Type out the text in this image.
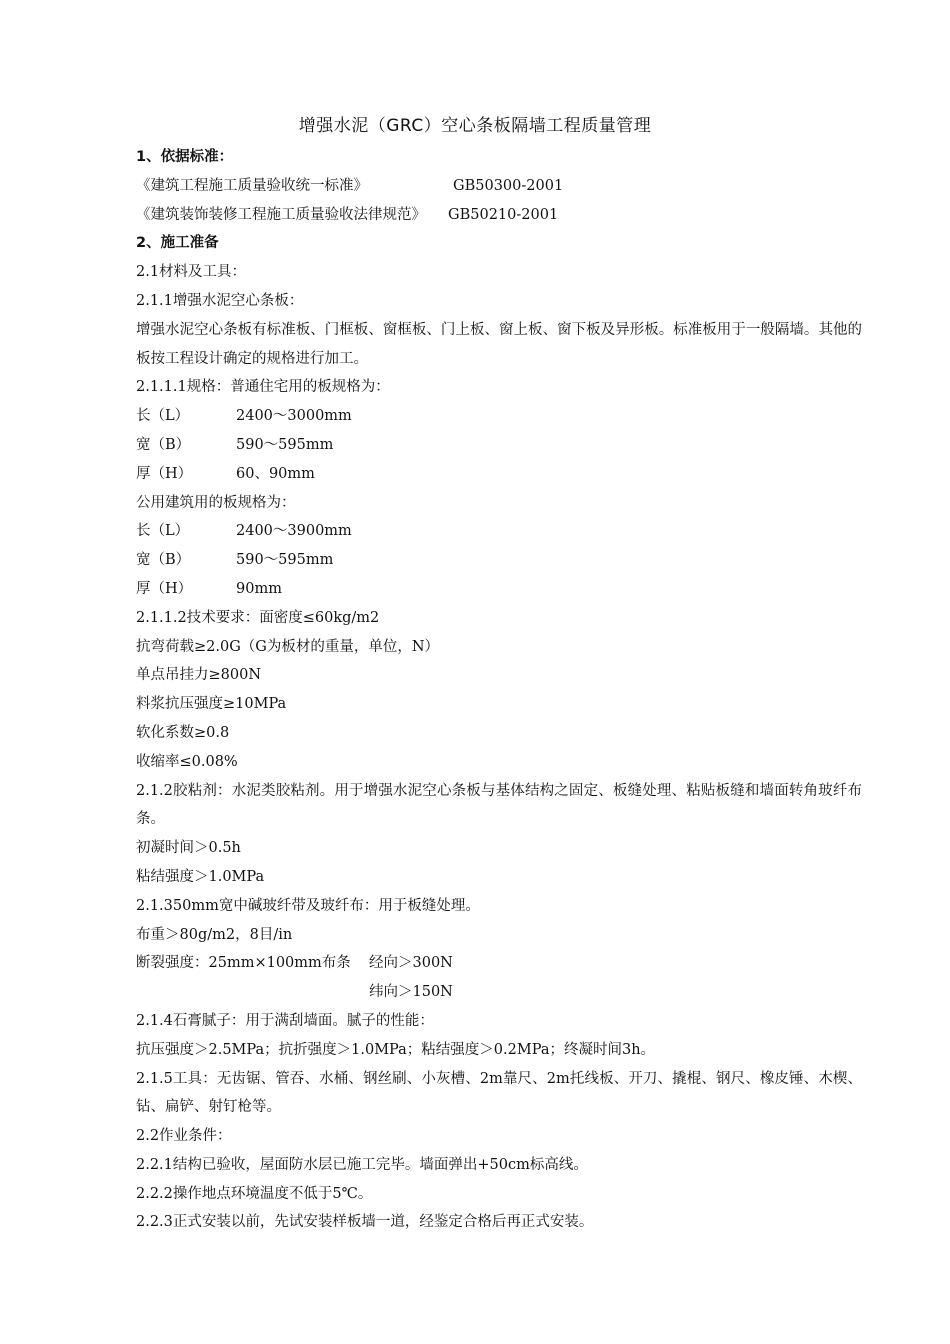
增强水泥（GRC）空心条板隔墙工程质量管理
1、依据标准：
《建筑工程施工质量验收统一标准》	GB50300-2001
《建筑装饰装修工程施工质量验收法律规范》 GB50210-2001
2、施工准备
2.1材料及工具：
2.1.1增强水泥空心条板：
增强水泥空心条板有标准板、门框板、窗框板、门上板、窗上板、窗下板及异形板。标准板用于一般隔墙。其他的板按工程设计确定的规格进行加工。
2.1.1.1规格：普通住宅用的板规格为：
长（L）	2400～3000mm
宽（B）	590～595mm
厚（H）	60、90mm
公用建筑用的板规格为：
长（L）	2400～3900mm
宽（B）	590～595mm
厚（H）	90mm
2.1.1.2技术要求：面密度≤60kg/m2
抗弯荷载≥2.0G（G为板材的重量，单位，N）
单点吊挂力≥800N
料浆抗压强度≥10MPa
软化系数≥0.8
收缩率≤0.08%
2.1.2胶粘剂：水泥类胶粘剂。用于增强水泥空心条板与基体结构之固定、板缝处理、粘贴板缝和墙面转角玻纤布条。
初凝时间＞0.5h
粘结强度＞1.0MPa
2.1.350mm宽中碱玻纤带及玻纤布：用于板缝处理。
布重＞80g/m2，8目/in
断裂强度：25mm×100mm布条 经向＞300N
纬向＞150N
2.1.4石膏腻子：用于满刮墙面。腻子的性能：
抗压强度＞2.5MPa；抗折强度＞1.0MPa；粘结强度＞0.2MPa；终凝时间3h。
2.1.5工具：无齿锯、管吞、水桶、钢丝刷、小灰槽、2m靠尺、2m托线板、开刀、撬棍、钢尺、橡皮锤、木楔、钻、扁铲、射钉枪等。
2.2作业条件：
2.2.1结构已验收，屋面防水层已施工完毕。墙面弹出+50cm标高线。
2.2.2操作地点环境温度不低于5℃。
2.2.3正式安装以前，先试安装样板墙一道，经鉴定合格后再正式安装。
